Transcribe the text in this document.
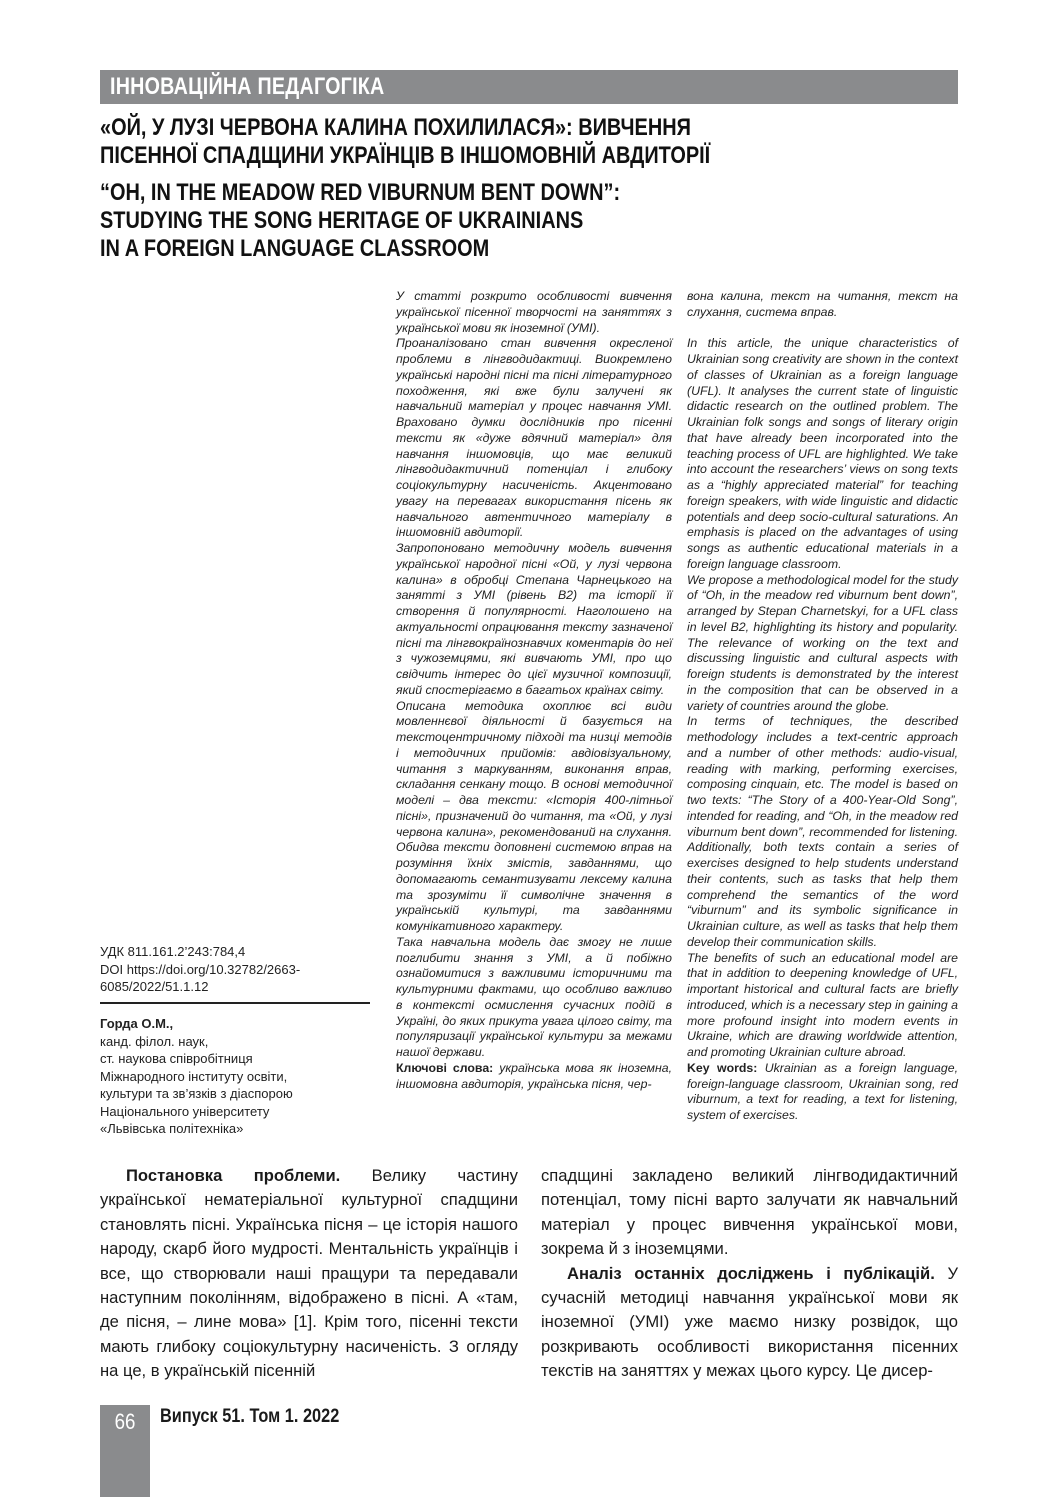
ІННОВАЦІЙНА ПЕДАГОГІКА
«ОЙ, У ЛУЗІ ЧЕРВОНА КАЛИНА ПОХИЛИЛАСЯ»: ВИВЧЕННЯ
ПІСЕННОЇ СПАДЩИНИ УКРАЇНЦІВ В ІНШОМОВНІЙ АВДИТОРІЇ
“OH, IN THE MEADOW RED VIBURNUM BENT DOWN”:
STUDYING THE SONG HERITAGE OF UKRAINIANS
IN A FOREIGN LANGUAGE CLASSROOM

У статті розкрито особливості вивчення української пісенної творчості на заняттях з української мови як іноземної (УМІ).

Проаналізовано стан вивчення окресленої проблеми в лінгводидактиці. Виокремлено українські народні пісні та пісні літературного походження, які вже були залучені як навчальний матеріал у процес навчання УМІ. Враховано думки дослідників про пісенні тексти як «дуже вдячний матеріал» для навчання іншомовців, що має великий лінгводидактичний потенціал і глибоку соціокультурну насиченість. Акцентовано увагу на перевагах використання пісень як навчального автентичного матеріалу в іншомовній авдиторії.

Запропоновано методичну модель вивчення української народної пісні «Ой, у лузі червона калина» в обробці Степана Чарнецького на занятті з УМІ (рівень В2) та історії її створення й популярності. Наголошено на актуальності опрацювання тексту зазначеної пісні та лінгвокраїнознавчих коментарів до неї з чужоземцями, які вивчають УМІ, про що свідчить інтерес до цієї музичної композиції, який спостерігаємо в багатьох країнах світу.

Описана методика охоплює всі види мовленнєвої діяльності й базується на текстоцентричному підході та низці методів і методичних прийомів: авдіовізуальному, читання з маркуванням, виконання вправ, складання сенкану тощо. В основі методичної моделі – два тексти: «Історія 400-літньої пісні», призначений до читання, та «Ой, у лузі червона калина», рекомендований на слухання. Обидва тексти доповнені системою вправ на розуміння їхніх змістів, завданнями, що допомагають семантизувати лексему калина та зрозуміти її символічне значення в українській культурі, та завданнями комунікативного характеру.

Така навчальна модель дає змогу не лише поглибити знання з УМІ, а й побіжно ознайомитися з важливими історичними та культурними фактами, що особливо важливо в контексті осмислення сучасних подій в Україні, до яких прикута увага цілого світу, та популяризації української культури за межами нашої держави.

Ключові слова: українська мова як іноземна, іншомовна авдиторія, українська пісня, чер-

вона калина, текст на читання, текст на слухання, система вправ.

In this article, the unique characteristics of Ukrainian song creativity are shown in the context of classes of Ukrainian as a foreign language (UFL). It analyses the current state of linguistic didactic research on the outlined problem. The Ukrainian folk songs and songs of literary origin that have already been incorporated into the teaching process of UFL are highlighted. We take into account the researchers’ views on song texts as a “highly appreciated material” for teaching foreign speakers, with wide linguistic and didactic potentials and deep socio-cultural saturations. An emphasis is placed on the advantages of using songs as authentic educational materials in a foreign language classroom.

We propose a methodological model for the study of “Oh, in the meadow red viburnum bent down”, arranged by Stepan Charnetskyi, for a UFL class in level B2, highlighting its history and popularity. The relevance of working on the text and discussing linguistic and cultural aspects with foreign students is demonstrated by the interest in the composition that can be observed in a variety of countries around the globe.

In terms of techniques, the described methodology includes a text-centric approach and a number of other methods: audio-visual, reading with marking, performing exercises, composing cinquain, etc. The model is based on two texts: “The Story of a 400-Year-Old Song”, intended for reading, and “Oh, in the meadow red viburnum bent down”, recommended for listening. Additionally, both texts contain a series of exercises designed to help students understand their contents, such as tasks that help them comprehend the semantics of the word “viburnum” and its symbolic significance in Ukrainian culture, as well as tasks that help them develop their communication skills.

The benefits of such an educational model are that in addition to deepening knowledge of UFL, important historical and cultural facts are briefly introduced, which is a necessary step in gaining a more profound insight into modern events in Ukraine, which are drawing worldwide attention, and promoting Ukrainian culture abroad.

Key words: Ukrainian as a foreign language, foreign-language classroom, Ukrainian song, red viburnum, a text for reading, a text for listening, system of exercises.

УДК 811.161.2’243:784,4
DOI https://doi.org/10.32782/2663-
6085/2022/51.1.12
Горда О.М.,
канд. філол. наук,
ст. наукова співробітниця
Міжнародного інституту освіти,
культури та зв’язків з діаспорою
Національного університету
«Львівська політехніка»

Постановка проблеми. Велику частину української нематеріальної культурної спадщини становлять пісні. Українська пісня – це історія нашого народу, скарб його мудрості. Ментальність українців і все, що створювали наші пращури та передавали наступним поколінням, відображено в пісні. А «там, де пісня, – лине мова» [1]. Крім того, пісенні тексти мають глибоку соціокультурну насиченість. З огляду на це, в українській пісенній

спадщині закладено великий лінгводидактичний потенціал, тому пісні варто залучати як навчальний матеріал у процес вивчення української мови, зокрема й з іноземцями.

Аналіз останніх досліджень і публікацій. У сучасній методиці навчання української мови як іноземної (УМІ) уже маємо низку розвідок, що розкривають особливості використання пісенних текстів на заняттях у межах цього курсу. Це дисер-

66	Випуск 51. Том 1. 2022
